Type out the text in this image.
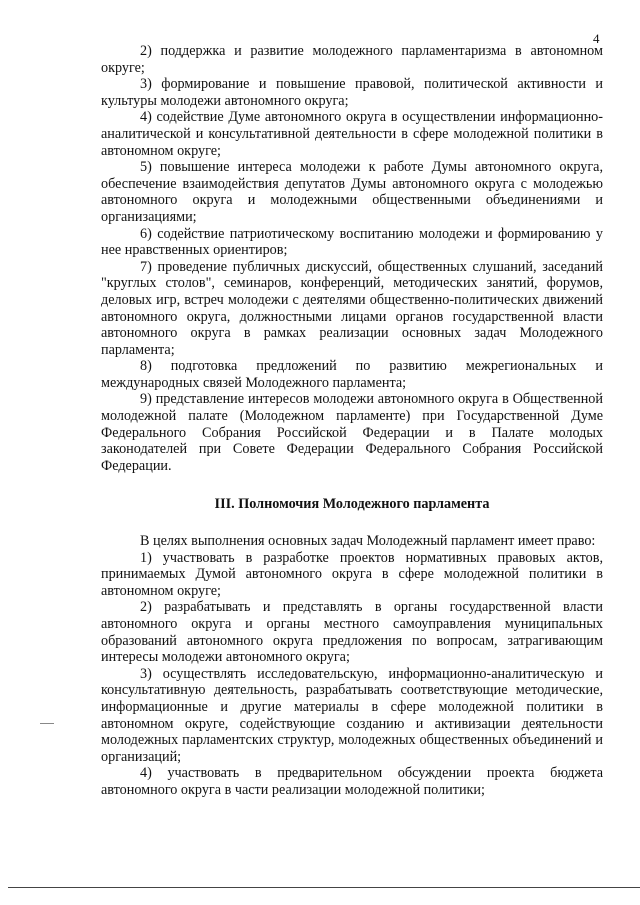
4

2) поддержка и развитие молодежного парламентаризма в автономном округе;

3) формирование и повышение правовой, политической активности и культуры молодежи автономного округа;

4) содействие Думе автономного округа в осуществлении информационно-аналитической и консультативной деятельности в сфере молодежной политики в автономном округе;

5) повышение интереса молодежи к работе Думы автономного округа, обеспечение взаимодействия депутатов Думы автономного округа с молодежью автономного округа и молодежными общественными объединениями и организациями;

6) содействие патриотическому воспитанию молодежи и формированию у нее нравственных ориентиров;

7) проведение публичных дискуссий, общественных слушаний, заседаний "круглых столов", семинаров, конференций, методических занятий, форумов, деловых игр, встреч молодежи с деятелями общественно-политических движений автономного округа, должностными лицами органов государственной власти автономного округа в рамках реализации основных задач Молодежного парламента;

8) подготовка предложений по развитию межрегиональных и международных связей Молодежного парламента;

9) представление интересов молодежи автономного округа в Общественной молодежной палате (Молодежном парламенте) при Государственной Думе Федерального Собрания Российской Федерации и в Палате молодых законодателей при Совете Федерации Федерального Собрания Российской Федерации.

III. Полномочия Молодежного парламента

В целях выполнения основных задач Молодежный парламент имеет право:

1) участвовать в разработке проектов нормативных правовых актов, принимаемых Думой автономного округа в сфере молодежной политики в автономном округе;

2) разрабатывать и представлять в органы государственной власти автономного округа и органы местного самоуправления муниципальных образований автономного округа предложения по вопросам, затрагивающим интересы молодежи автономного округа;

3) осуществлять исследовательскую, информационно-аналитическую и консультативную деятельность, разрабатывать соответствующие методические, информационные и другие материалы в сфере молодежной политики в автономном округе, содействующие созданию и активизации деятельности молодежных парламентских структур, молодежных общественных объединений и организаций;

4) участвовать в предварительном обсуждении проекта бюджета автономного округа в части реализации молодежной политики;
